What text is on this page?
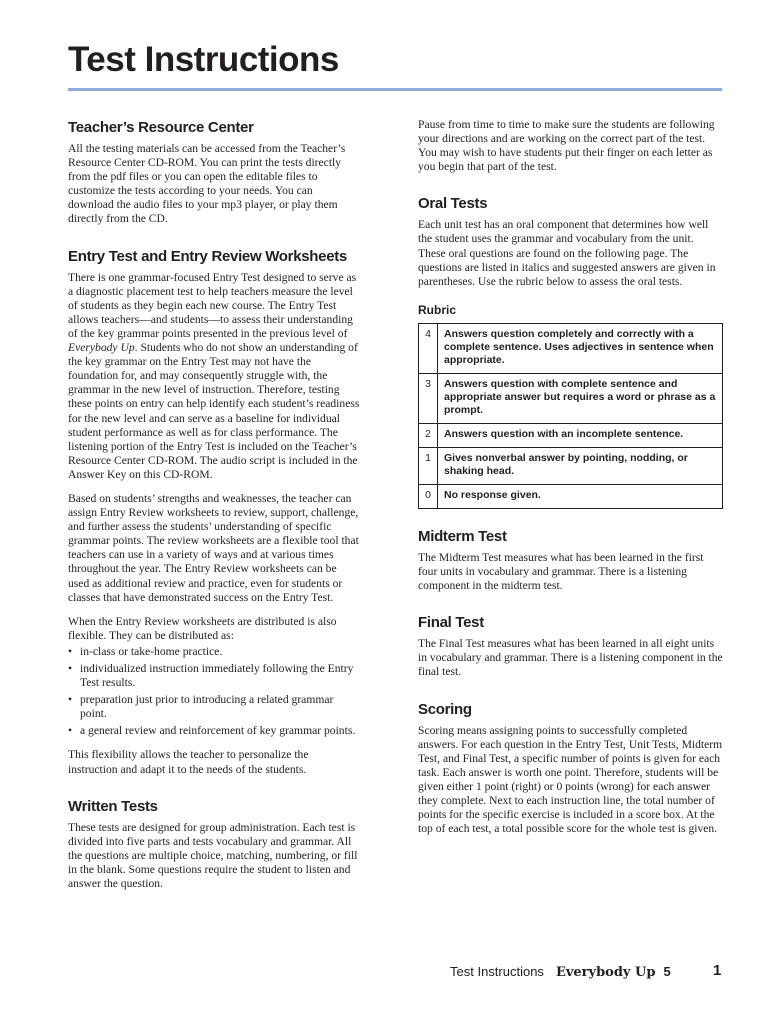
Test Instructions
Teacher’s Resource Center

All the testing materials can be accessed from the Teacher’s Resource Center CD-ROM. You can print the tests directly from the pdf files or you can open the editable files to customize the tests according to your needs. You can download the audio files to your mp3 player, or play them directly from the CD.

Entry Test and Entry Review Worksheets

There is one grammar-focused Entry Test designed to serve as a diagnostic placement test to help teachers measure the level of students as they begin each new course. The Entry Test allows teachers—and students—to assess their understanding of the key grammar points presented in the previous level of Everybody Up. Students who do not show an understanding of the key grammar on the Entry Test may not have the foundation for, and may consequently struggle with, the grammar in the new level of instruction. Therefore, testing these points on entry can help identify each student’s readiness for the new level and can serve as a baseline for individual student performance as well as for class performance. The listening portion of the Entry Test is included on the Teacher’s Resource Center CD-ROM. The audio script is included in the Answer Key on this CD-ROM.

Based on students’ strengths and weaknesses, the teacher can assign Entry Review worksheets to review, support, challenge, and further assess the students’ understanding of specific grammar points. The review worksheets are a flexible tool that teachers can use in a variety of ways and at various times throughout the year. The Entry Review worksheets can be used as additional review and practice, even for students or classes that have demonstrated success on the Entry Test.

When the Entry Review worksheets are distributed is also flexible. They can be distributed as:

• in-class or take-home practice.
• individualized instruction immediately following the Entry Test results.
• preparation just prior to introducing a related grammar point.
• a general review and reinforcement of key grammar points.

This flexibility allows the teacher to personalize the instruction and adapt it to the needs of the students.

Written Tests

These tests are designed for group administration. Each test is divided into five parts and tests vocabulary and grammar. All the questions are multiple choice, matching, numbering, or fill in the blank. Some questions require the student to listen and answer the question.

Pause from time to time to make sure the students are following your directions and are working on the correct part of the test. You may wish to have students put their finger on each letter as you begin that part of the test.

Oral Tests

Each unit test has an oral component that determines how well the student uses the grammar and vocabulary from the unit. These oral questions are found on the following page. The questions are listed in italics and suggested answers are given in parentheses. Use the rubric below to assess the oral tests.

Rubric
4	Answers question completely and correctly with a complete sentence. Uses adjectives in sentence when appropriate.
3	Answers question with complete sentence and appropriate answer but requires a word or phrase as a prompt.
2	Answers question with an incomplete sentence.
1	Gives nonverbal answer by pointing, nodding, or shaking head.
0	No response given.
Midterm Test

The Midterm Test measures what has been learned in the first four units in vocabulary and grammar. There is a listening component in the midterm test.

Final Test

The Final Test measures what has been learned in all eight units in vocabulary and grammar. There is a listening component in the final test.

Scoring

Scoring means assigning points to successfully completed answers. For each question in the Entry Test, Unit Tests, Midterm Test, and Final Test, a specific number of points is given for each task. Each answer is worth one point. Therefore, students will be given either 1 point (right) or 0 points (wrong) for each answer they complete. Next to each instruction line, the total number of points for the specific exercise is included in a score box. At the top of each test, a total possible score for the whole test is given.

Test Instructions Everybody Up 5	1
